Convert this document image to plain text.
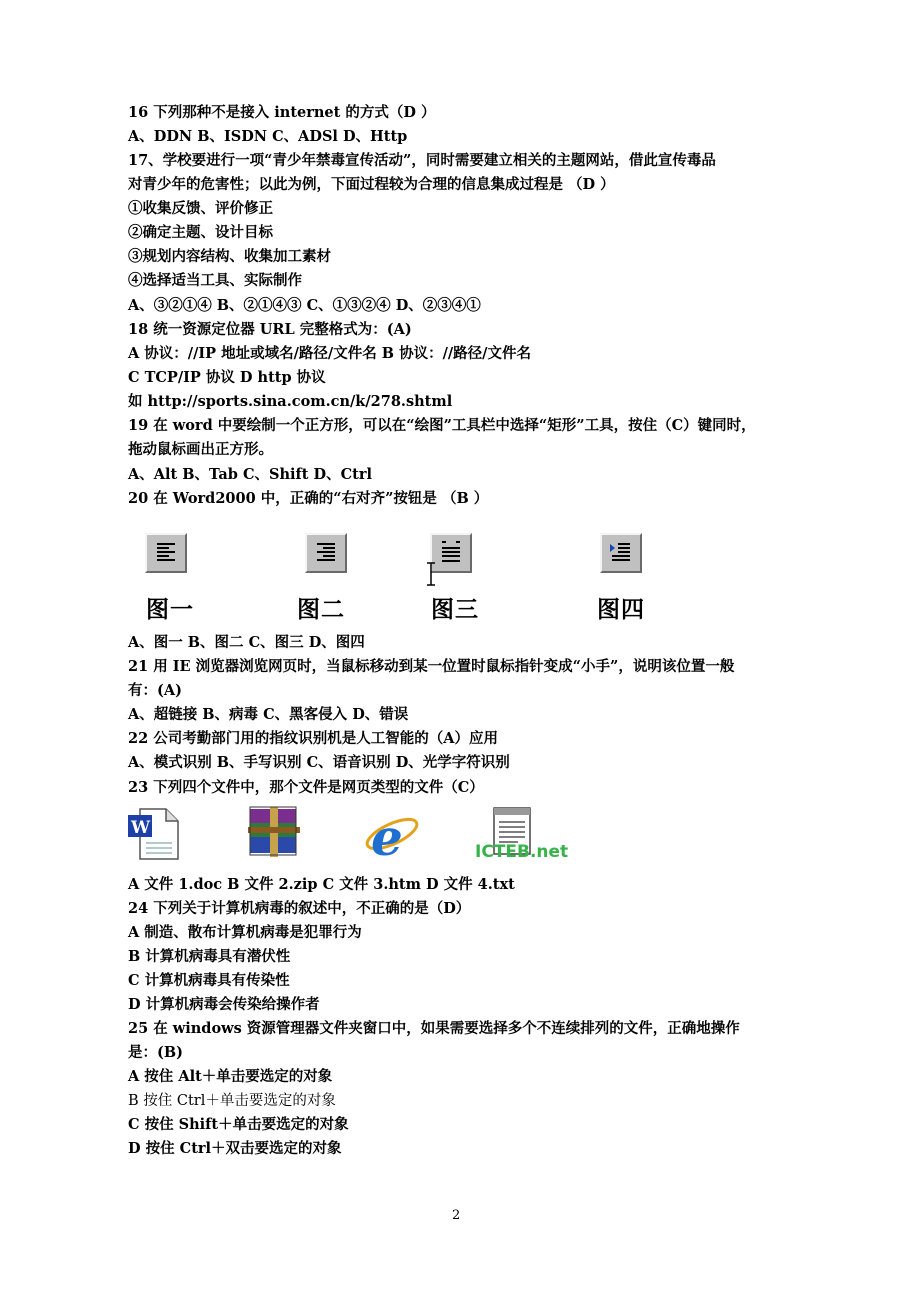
16 下列那种不是接入 internet 的方式（D ）
A、DDN B、ISDN C、ADSl D、Http
17、学校要进行一项“青少年禁毒宣传活动”，同时需要建立相关的主题网站，借此宣传毒品
对青少年的危害性；以此为例，下面过程较为合理的信息集成过程是 （D ）
①收集反馈、评价修正
②确定主题、设计目标
③规划内容结构、收集加工素材
④选择适当工具、实际制作
A、③②①④ B、②①④③ C、①③②④ D、②③④①
18 统一资源定位器 URL 完整格式为：(A)
A 协议：//IP 地址或域名/路径/文件名 B 协议：//路径/文件名
C TCP/IP 协议 D http 协议
如 http://sports.sina.com.cn/k/278.shtml
19 在 word 中要绘制一个正方形，可以在“绘图”工具栏中选择“矩形”工具，按住（C）键同时，
拖动鼠标画出正方形。
A、Alt B、Tab C、Shift D、Ctrl
20 在 Word2000 中，正确的“右对齐”按钮是 （B ）
图一	图二	图三	图四
A、图一 B、图二 C、图三 D、图四
21 用 IE 浏览器浏览网页时，当鼠标移动到某一位置时鼠标指针变成“小手”，说明该位置一般
有：(A)
A、超链接 B、病毒 C、黑客侵入 D、错误
22 公司考勤部门用的指纹识别机是人工智能的（A）应用
A、模式识别 B、手写识别 C、语音识别 D、光学字符识别
23 下列四个文件中，那个文件是网页类型的文件（C）
W	e	ICTEB.net
A 文件 1.doc B 文件 2.zip C 文件 3.htm D 文件 4.txt
24 下列关于计算机病毒的叙述中，不正确的是（D）
A 制造、散布计算机病毒是犯罪行为
B 计算机病毒具有潜伏性
C 计算机病毒具有传染性
D 计算机病毒会传染给操作者
25 在 windows 资源管理器文件夹窗口中，如果需要选择多个不连续排列的文件，正确地操作
是：(B)
A 按住 Alt＋单击要选定的对象
B 按住 Ctrl＋单击要选定的对象
C 按住 Shift＋单击要选定的对象
D 按住 Ctrl＋双击要选定的对象
2
